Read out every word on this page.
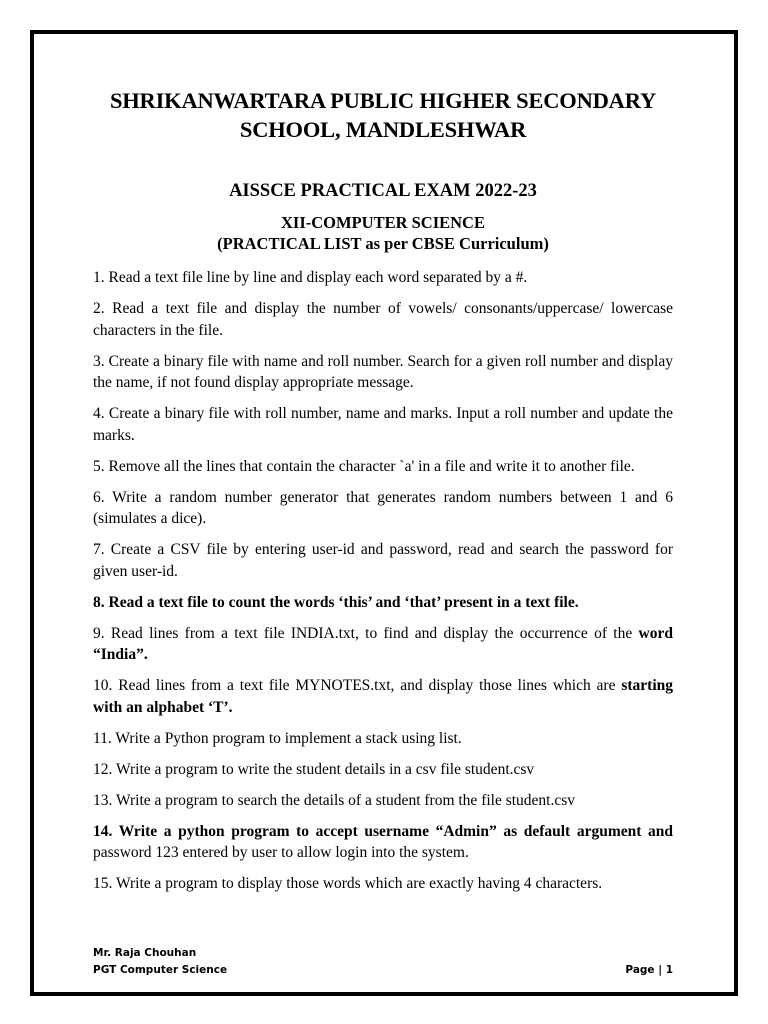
SHRIKANWARTARA PUBLIC HIGHER SECONDARY
SCHOOL, MANDLESHWAR
AISSCE PRACTICAL EXAM 2022-23
XII-COMPUTER SCIENCE
(PRACTICAL LIST as per CBSE Curriculum)

1. Read a text file line by line and display each word separated by a #.

2. Read a text file and display the number of vowels/ consonants/uppercase/ lowercase characters in the file.

3. Create a binary file with name and roll number. Search for a given roll number and display the name, if not found display appropriate message.

4. Create a binary file with roll number, name and marks. Input a roll number and update the marks.

5. Remove all the lines that contain the character `a' in a file and write it to another file.

6. Write a random number generator that generates random numbers between 1 and 6 (simulates a dice).

7. Create a CSV file by entering user-id and password, read and search the password for given user-id.

8. Read a text file to count the words ‘this’ and ‘that’ present in a text file.

9. Read lines from a text file INDIA.txt, to find and display the occurrence of the word “India”.

10. Read lines from a text file MYNOTES.txt, and display those lines which are starting with an alphabet ‘T’.

11. Write a Python program to implement a stack using list.

12. Write a program to write the student details in a csv file student.csv

13. Write a program to search the details of a student from the file student.csv

14. Write a python program to accept username “Admin” as default argument and password 123 entered by user to allow login into the system.

15. Write a program to display those words which are exactly having 4 characters.

Mr. Raja Chouhan
PGT Computer Science	Page | 1
